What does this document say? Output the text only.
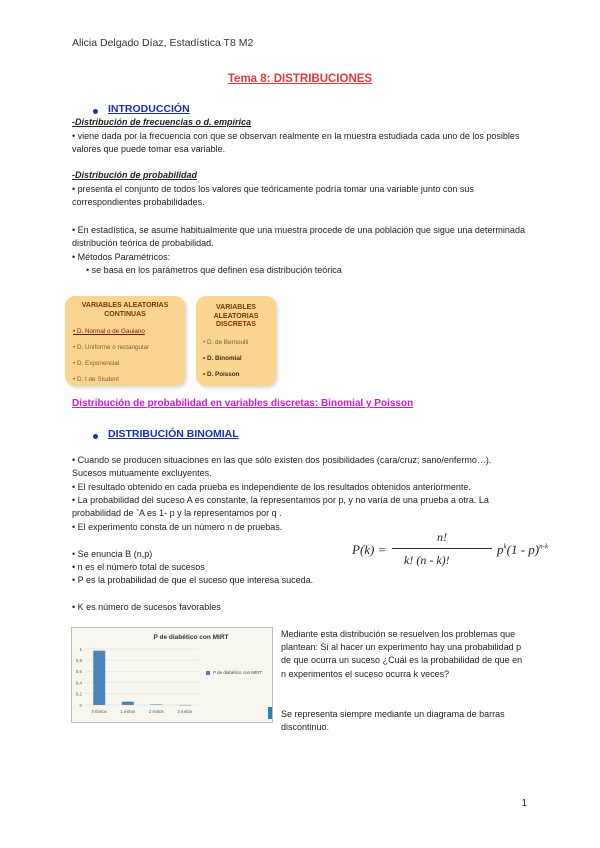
Alicia Delgado Díaz, Estadística T8 M2
Tema 8: DISTRIBUCIONES
INTRODUCCIÓN
-Distribución de frecuencias o d. empírica
• viene dada por la frecuencia con que se observan realmente en la muestra estudiada cada uno de los posibles valores que puede tomar esa variable.
-Distribución de probabilidad
• presenta el conjunto de todos los valores que teóricamente podría tomar una variable junto con sus correspondientes probabilidades.
• En estadística, se asume habitualmente que una muestra procede de una población que sigue una determinada distribución teórica de probabilidad.
• Métodos Paramétricos:
• se basa en los parámetros que definen esa distribución teórica
VARIABLES ALEATORIAS CONTINUAS
• D. Normal o de Gauiano
• D. Uniforme o rectangular
• D. Exponencial
• D. t de Student
VARIABLES ALEATORIAS DISCRETAS
• D. de Bernoulli
• D. Binomial
• D. Poisson
Distribución de probabilidad en variables discretas: Binomial y Poisson
DISTRIBUCIÓN BINOMIAL
• Cuando se producen situaciones en las que sólo existen dos posibilidades (cara/cruz; sano/enfermo…). Sucesos mutuamente excluyentes.
• El resultado obtenido en cada prueba es independiente de los resultados obtenidos anteriormente.
• La probabilidad del suceso A es constante, la representamos por p, y no varía de una prueba a otra. La probabilidad de `A es 1- p y la representamos por q .
• El experimento consta de un número n de pruebas.
• Se enuncia B (n,p)
• n es el número total de sucesos
• P es la probabilidad de que el suceso que interesa suceda.
• K es número de sucesos favorables
P(k) =
n!
k! (n - k)!
$p^k(1 - p)^{n-k}$
P de diabético con MIRT
0
0,2
0,4
0,6
0,8
1
0 Éxitos	1 éxitos	2 éxitos	3 éxitos
P de diabético con MIRT
Mediante esta distribución se resuelven los problemas que plantean: Si al hacer un experimento hay una probabilidad p de que ocurra un suceso ¿Cuál es la probabilidad de que en n experimentos el suceso ocurra k veces?
Se representa siempre mediante un diagrama de barras discontinuo.
1
